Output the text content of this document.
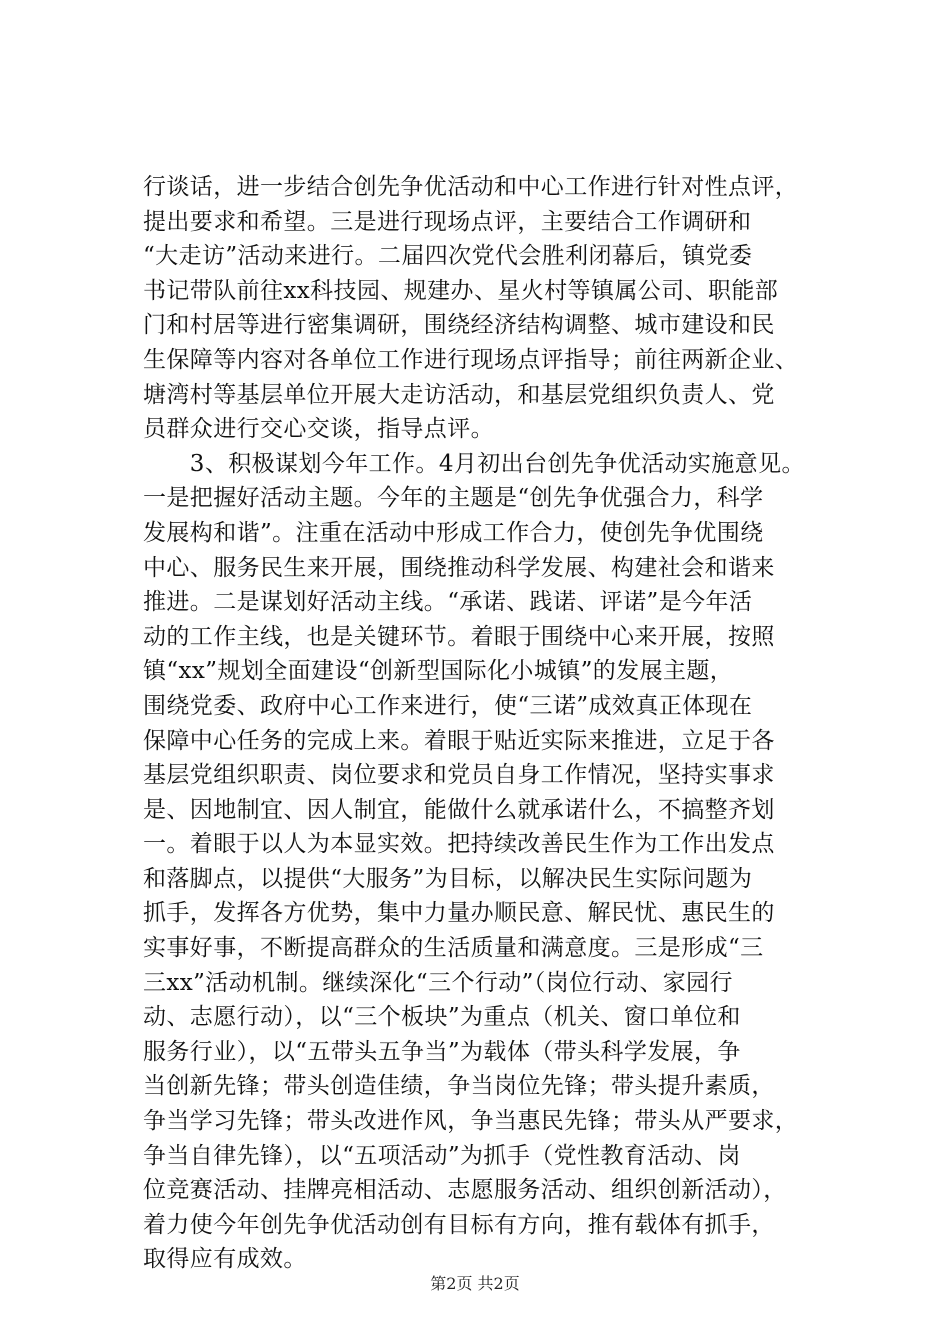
行谈话，进一步结合创先争优活动和中心工作进行针对性点评，
提出要求和希望。三是进行现场点评，主要结合工作调研和
“大走访”活动来进行。二届四次党代会胜利闭幕后，镇党委
书记带队前往xx科技园、规建办、星火村等镇属公司、职能部
门和村居等进行密集调研，围绕经济结构调整、城市建设和民
生保障等内容对各单位工作进行现场点评指导；前往两新企业、
塘湾村等基层单位开展大走访活动，和基层党组织负责人、党
员群众进行交心交谈，指导点评。
　　3、积极谋划今年工作。4月初出台创先争优活动实施意见。
一是把握好活动主题。今年的主题是“创先争优强合力，科学
发展构和谐”。注重在活动中形成工作合力，使创先争优围绕
中心、服务民生来开展，围绕推动科学发展、构建社会和谐来
推进。二是谋划好活动主线。“承诺、践诺、评诺”是今年活
动的工作主线，也是关键环节。着眼于围绕中心来开展，按照
镇“xx”规划全面建设“创新型国际化小城镇”的发展主题，
围绕党委、政府中心工作来进行，使“三诺”成效真正体现在
保障中心任务的完成上来。着眼于贴近实际来推进，立足于各
基层党组织职责、岗位要求和党员自身工作情况，坚持实事求
是、因地制宜、因人制宜，能做什么就承诺什么，不搞整齐划
一。着眼于以人为本显实效。把持续改善民生作为工作出发点
和落脚点，以提供“大服务”为目标，以解决民生实际问题为
抓手，发挥各方优势，集中力量办顺民意、解民忧、惠民生的
实事好事，不断提高群众的生活质量和满意度。三是形成“三
三xx”活动机制。继续深化“三个行动”（岗位行动、家园行
动、志愿行动），以“三个板块”为重点（机关、窗口单位和
服务行业），以“五带头五争当”为载体（带头科学发展，争
当创新先锋；带头创造佳绩，争当岗位先锋；带头提升素质，
争当学习先锋；带头改进作风，争当惠民先锋；带头从严要求，
争当自律先锋），以“五项活动”为抓手（党性教育活动、岗
位竞赛活动、挂牌亮相活动、志愿服务活动、组织创新活动），
着力使今年创先争优活动创有目标有方向，推有载体有抓手，
取得应有成效。
第2页 共2页
